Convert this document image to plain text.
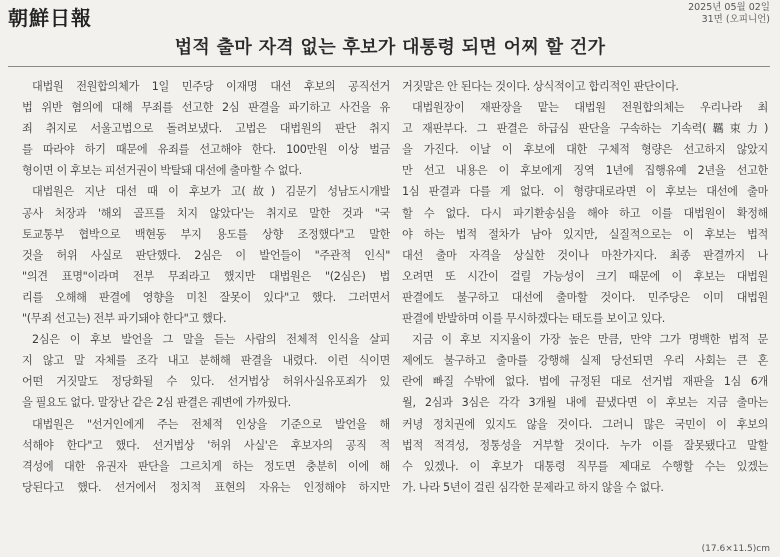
朝鮮日報	2025년 05월 02일
31면 (오피니언)
법적 출마 자격 없는 후보가 대통령 되면 어찌 할 건가
대법원 전원합의체가 1일 민주당 이재명 대선 후보의 공직선거
법 위반 혐의에 대해 무죄를 선고한 2심 판결을 파기하고 사건을 유
죄 취지로 서울고법으로 돌려보냈다. 고법은 대법원의 판단 취지
를 따라야 하기 때문에 유죄를 선고해야 한다. 100만원 이상 벌금
형이면 이 후보는 피선거권이 박탈돼 대선에 출마할 수 없다.
대법원은 지난 대선 때 이 후보가 고(故) 김문기 성남도시개발
공사 처장과 '해외 골프를 치지 않았다'는 취지로 말한 것과 "국
토교통부 협박으로 백현동 부지 용도를 상향 조정했다"고 말한
것을 허위 사실로 판단했다. 2심은 이 발언들이 "주관적 인식"
"의견 표명"이라며 전부 무죄라고 했지만 대법원은 "(2심은) 법
리를 오해해 판결에 영향을 미친 잘못이 있다"고 했다. 그러면서
"(무죄 선고는) 전부 파기돼야 한다"고 했다.
2심은 이 후보 발언을 그 말을 듣는 사람의 전체적 인식을 살피
지 않고 말 자체를 조각 내고 분해해 판결을 내렸다. 이런 식이면
어떤 거짓말도 정당화될 수 있다. 선거법상 허위사실유포죄가 있
을 필요도 없다. 말장난 같은 2심 판결은 궤변에 가까웠다.
대법원은 "선거인에게 주는 전체적 인상을 기준으로 발언을 해
석해야 한다"고 했다. 선거법상 '허위 사실'은 후보자의 공직 적
격성에 대한 유권자 판단을 그르치게 하는 정도면 충분히 이에 해
당된다고 했다. 선거에서 정치적 표현의 자유는 인정해야 하지만
거짓말은 안 된다는 것이다. 상식적이고 합리적인 판단이다.
대법원장이 재판장을 맡는 대법원 전원합의체는 우리나라 최
고 재판부다. 그 판결은 하급심 판단을 구속하는 기속력(羈束力)
을 가진다. 이날 이 후보에 대한 구체적 형량은 선고하지 않았지
만 선고 내용은 이 후보에게 징역 1년에 집행유예 2년을 선고한
1심 판결과 다를 게 없다. 이 형량대로라면 이 후보는 대선에 출마
할 수 없다. 다시 파기환송심을 해야 하고 이를 대법원이 확정해
야 하는 법적 절차가 남아 있지만, 실질적으로는 이 후보는 법적
대선 출마 자격을 상실한 것이나 마찬가지다. 최종 판결까지 나
오려면 또 시간이 걸릴 가능성이 크기 때문에 이 후보는 대법원
판결에도 불구하고 대선에 출마할 것이다. 민주당은 이미 대법원
판결에 반발하며 이를 무시하겠다는 태도를 보이고 있다.
지금 이 후보 지지율이 가장 높은 만큼, 만약 그가 명백한 법적 문
제에도 불구하고 출마를 강행해 실제 당선되면 우리 사회는 큰 혼
란에 빠질 수밖에 없다. 법에 규정된 대로 선거법 재판을 1심 6개
월, 2심과 3심은 각각 3개월 내에 끝냈다면 이 후보는 지금 출마는
커녕 정치권에 있지도 않을 것이다. 그러니 많은 국민이 이 후보의
법적 적격성, 정통성을 거부할 것이다. 누가 이를 잘못됐다고 말할
수 있겠나. 이 후보가 대통령 직무를 제대로 수행할 수는 있겠는
가. 나라 5년이 걸린 심각한 문제라고 하지 않을 수 없다.
(17.6×11.5)cm
